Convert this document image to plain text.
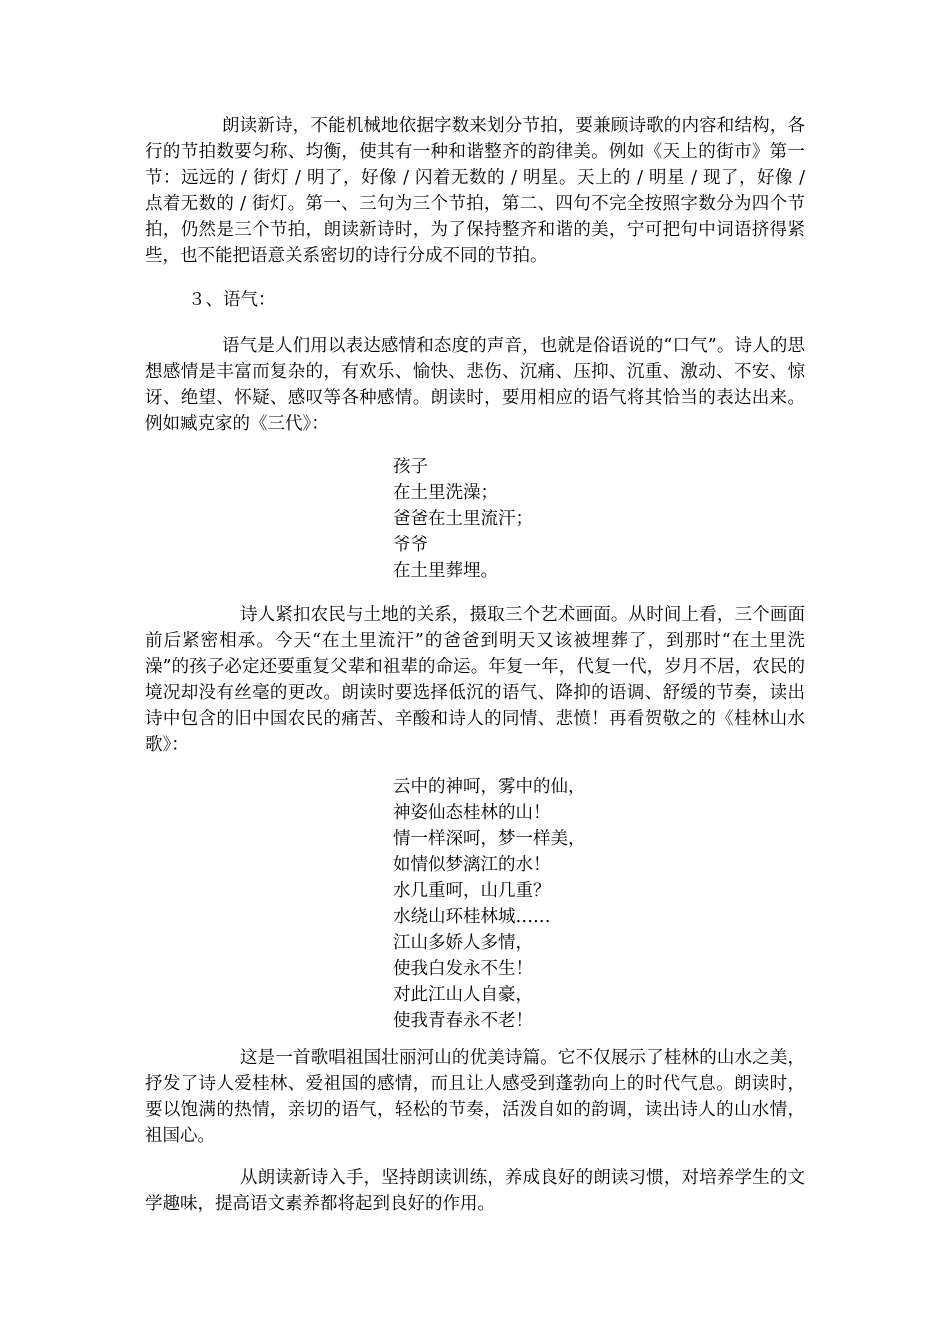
朗读新诗，不能机械地依据字数来划分节拍，要兼顾诗歌的内容和结构，各行的节拍数要匀称、均衡，使其有一种和谐整齐的韵律美。例如《天上的街市》第一节：远远的 / 街灯 / 明了，好像 / 闪着无数的 / 明星。天上的 / 明星 / 现了，好像 / 点着无数的 / 街灯。第一、三句为三个节拍，第二、四句不完全按照字数分为四个节拍，仍然是三个节拍，朗读新诗时，为了保持整齐和谐的美，宁可把句中词语挤得紧些，也不能把语意关系密切的诗行分成不同的节拍。

３、语气：

语气是人们用以表达感情和态度的声音，也就是俗语说的“口气”。诗人的思想感情是丰富而复杂的，有欢乐、愉快、悲伤、沉痛、压抑、沉重、激动、不安、惊讶、绝望、怀疑、感叹等各种感情。朗读时，要用相应的语气将其恰当的表达出来。例如臧克家的《三代》：

孩子
在土里洗澡；
爸爸在土里流汗；
爷爷
在土里葬埋。

诗人紧扣农民与土地的关系，摄取三个艺术画面。从时间上看，三个画面前后紧密相承。今天“在土里流汗”的爸爸到明天又该被埋葬了，到那时“在土里洗澡”的孩子必定还要重复父辈和祖辈的命运。年复一年，代复一代，岁月不居，农民的境况却没有丝毫的更改。朗读时要选择低沉的语气、降抑的语调、舒缓的节奏，读出诗中包含的旧中国农民的痛苦、辛酸和诗人的同情、悲愤！再看贺敬之的《桂林山水歌》：

云中的神呵，雾中的仙，
神姿仙态桂林的山！
情一样深呵，梦一样美，
如情似梦漓江的水！
水几重呵，山几重？
水绕山环桂林城……
江山多娇人多情，
使我白发永不生！
对此江山人自豪，
使我青春永不老！

这是一首歌唱祖国壮丽河山的优美诗篇。它不仅展示了桂林的山水之美，抒发了诗人爱桂林、爱祖国的感情，而且让人感受到蓬勃向上的时代气息。朗读时，要以饱满的热情，亲切的语气，轻松的节奏，活泼自如的韵调，读出诗人的山水情，祖国心。

从朗读新诗入手，坚持朗读训练，养成良好的朗读习惯，对培养学生的文学趣味，提高语文素养都将起到良好的作用。
